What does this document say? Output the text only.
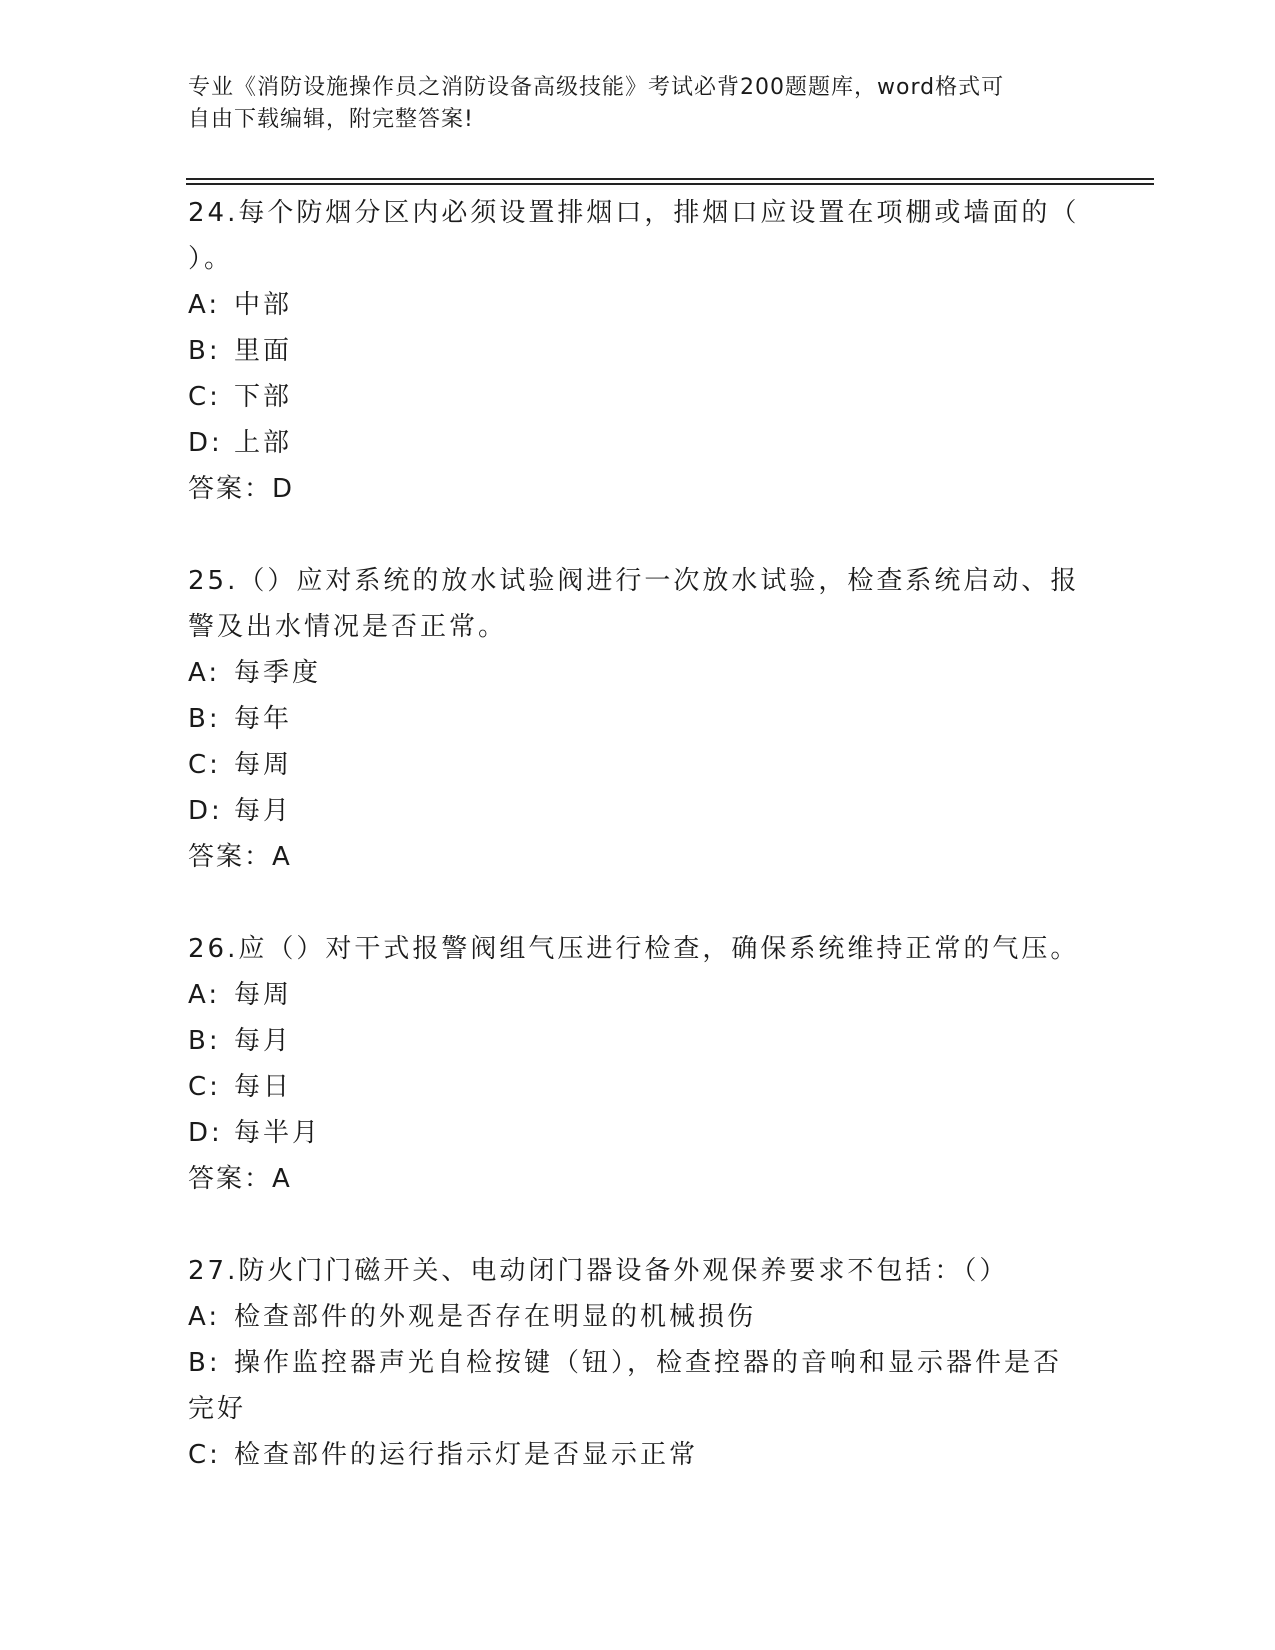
专业《消防设施操作员之消防设备高级技能》考试必背200题题库，word格式可
自由下载编辑，附完整答案!

24.每个防烟分区内必须设置排烟口，排烟口应设置在项棚或墙面的（

）。

A: 中部

B: 里面

C: 下部

D: 上部

答案：D

25.（）应对系统的放水试验阀进行一次放水试验，检查系统启动、报

警及出水情况是否正常。

A: 每季度

B: 每年

C: 每周

D: 每月

答案：A

26.应（）对干式报警阀组气压进行检查，确保系统维持正常的气压。

A: 每周

B: 每月

C: 每日

D: 每半月

答案：A

27.防火门门磁开关、电动闭门器设备外观保养要求不包括：（）

A: 检查部件的外观是否存在明显的机械损伤

B: 操作监控器声光自检按键（钮），检查控器的音响和显示器件是否

完好

C: 检查部件的运行指示灯是否显示正常
